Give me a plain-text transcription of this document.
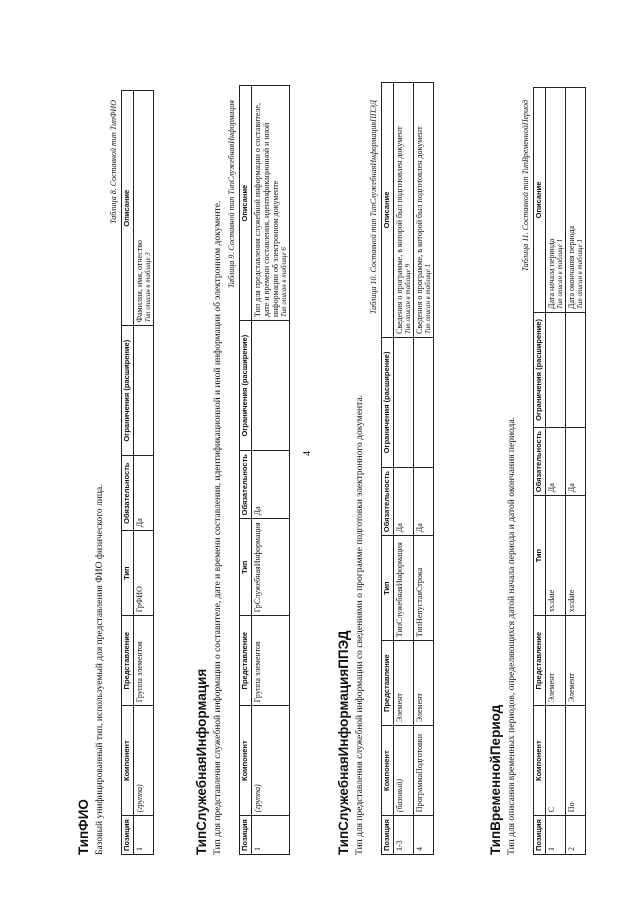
4
ТипФИО Базовый унифицированный тип, используемый для представления ФИО физического лица.
Таблица 8. Составной тип ТипФИО
Позиция	Компонент	Представление	Тип	Обязательность	Ограничения (расширение)	Описание
1	(группа)	Группа элементов	ГрФИО	Да		Фамилия, имя, отчество Тип описан в таблице 3
ТипСлужебнаяИнформация Тип для представления служебной информации о составителе, дате и времени составления, идентификационной и иной информации об электронном документе.
Таблица 9. Составной тип ТипСлужебнаяИнформация
Позиция	Компонент	Представление	Тип	Обязательность	Ограничения (расширение)	Описание
1	(группа)	Группа элементов	ГрСлужебнаяИнформация	Да		Тип для представления служебной информации о составителе, дате и времени составления, идентификационной и иной информации об электронном документе Тип описан в таблице 6
ТипСлужебнаяИнформацияППЭД Тип для представления служебной информации со сведениями о программе подготовки электронного документа.
Таблица 10. Составной тип ТипСлужебнаяИнформацияППЭД
Позиция	Компонент	Представление	Тип	Обязательность	Ограничения (расширение)	Описание
1-3	(базовый)	Элемент	ТипСлужебнаяИнформация	Да		Сведения о программе, в которой был подготовлен документ Тип описан в таблице 9

4	ПрограммаПодготовки	Элемент	ТипНепустаяСтрока	Да		Сведения о программе, в которой был подготовлен документ Тип описан в таблице 1
ТипВременнойПериод Тип для описания временных периодов, определяющихся датой начала периода и датой окончания периода.
Таблица 11. Составной тип ТипВременнойПериод
Позиция	Компонент	Представление	Тип	Обязательность	Ограничения (расширение)	Описание
1	С	Элемент	xs:date	Да		Дата начала периода Тип описан в таблице 1

2	По	Элемент	xs:date	Да		Дата окончания периода Тип описан в таблице 1
